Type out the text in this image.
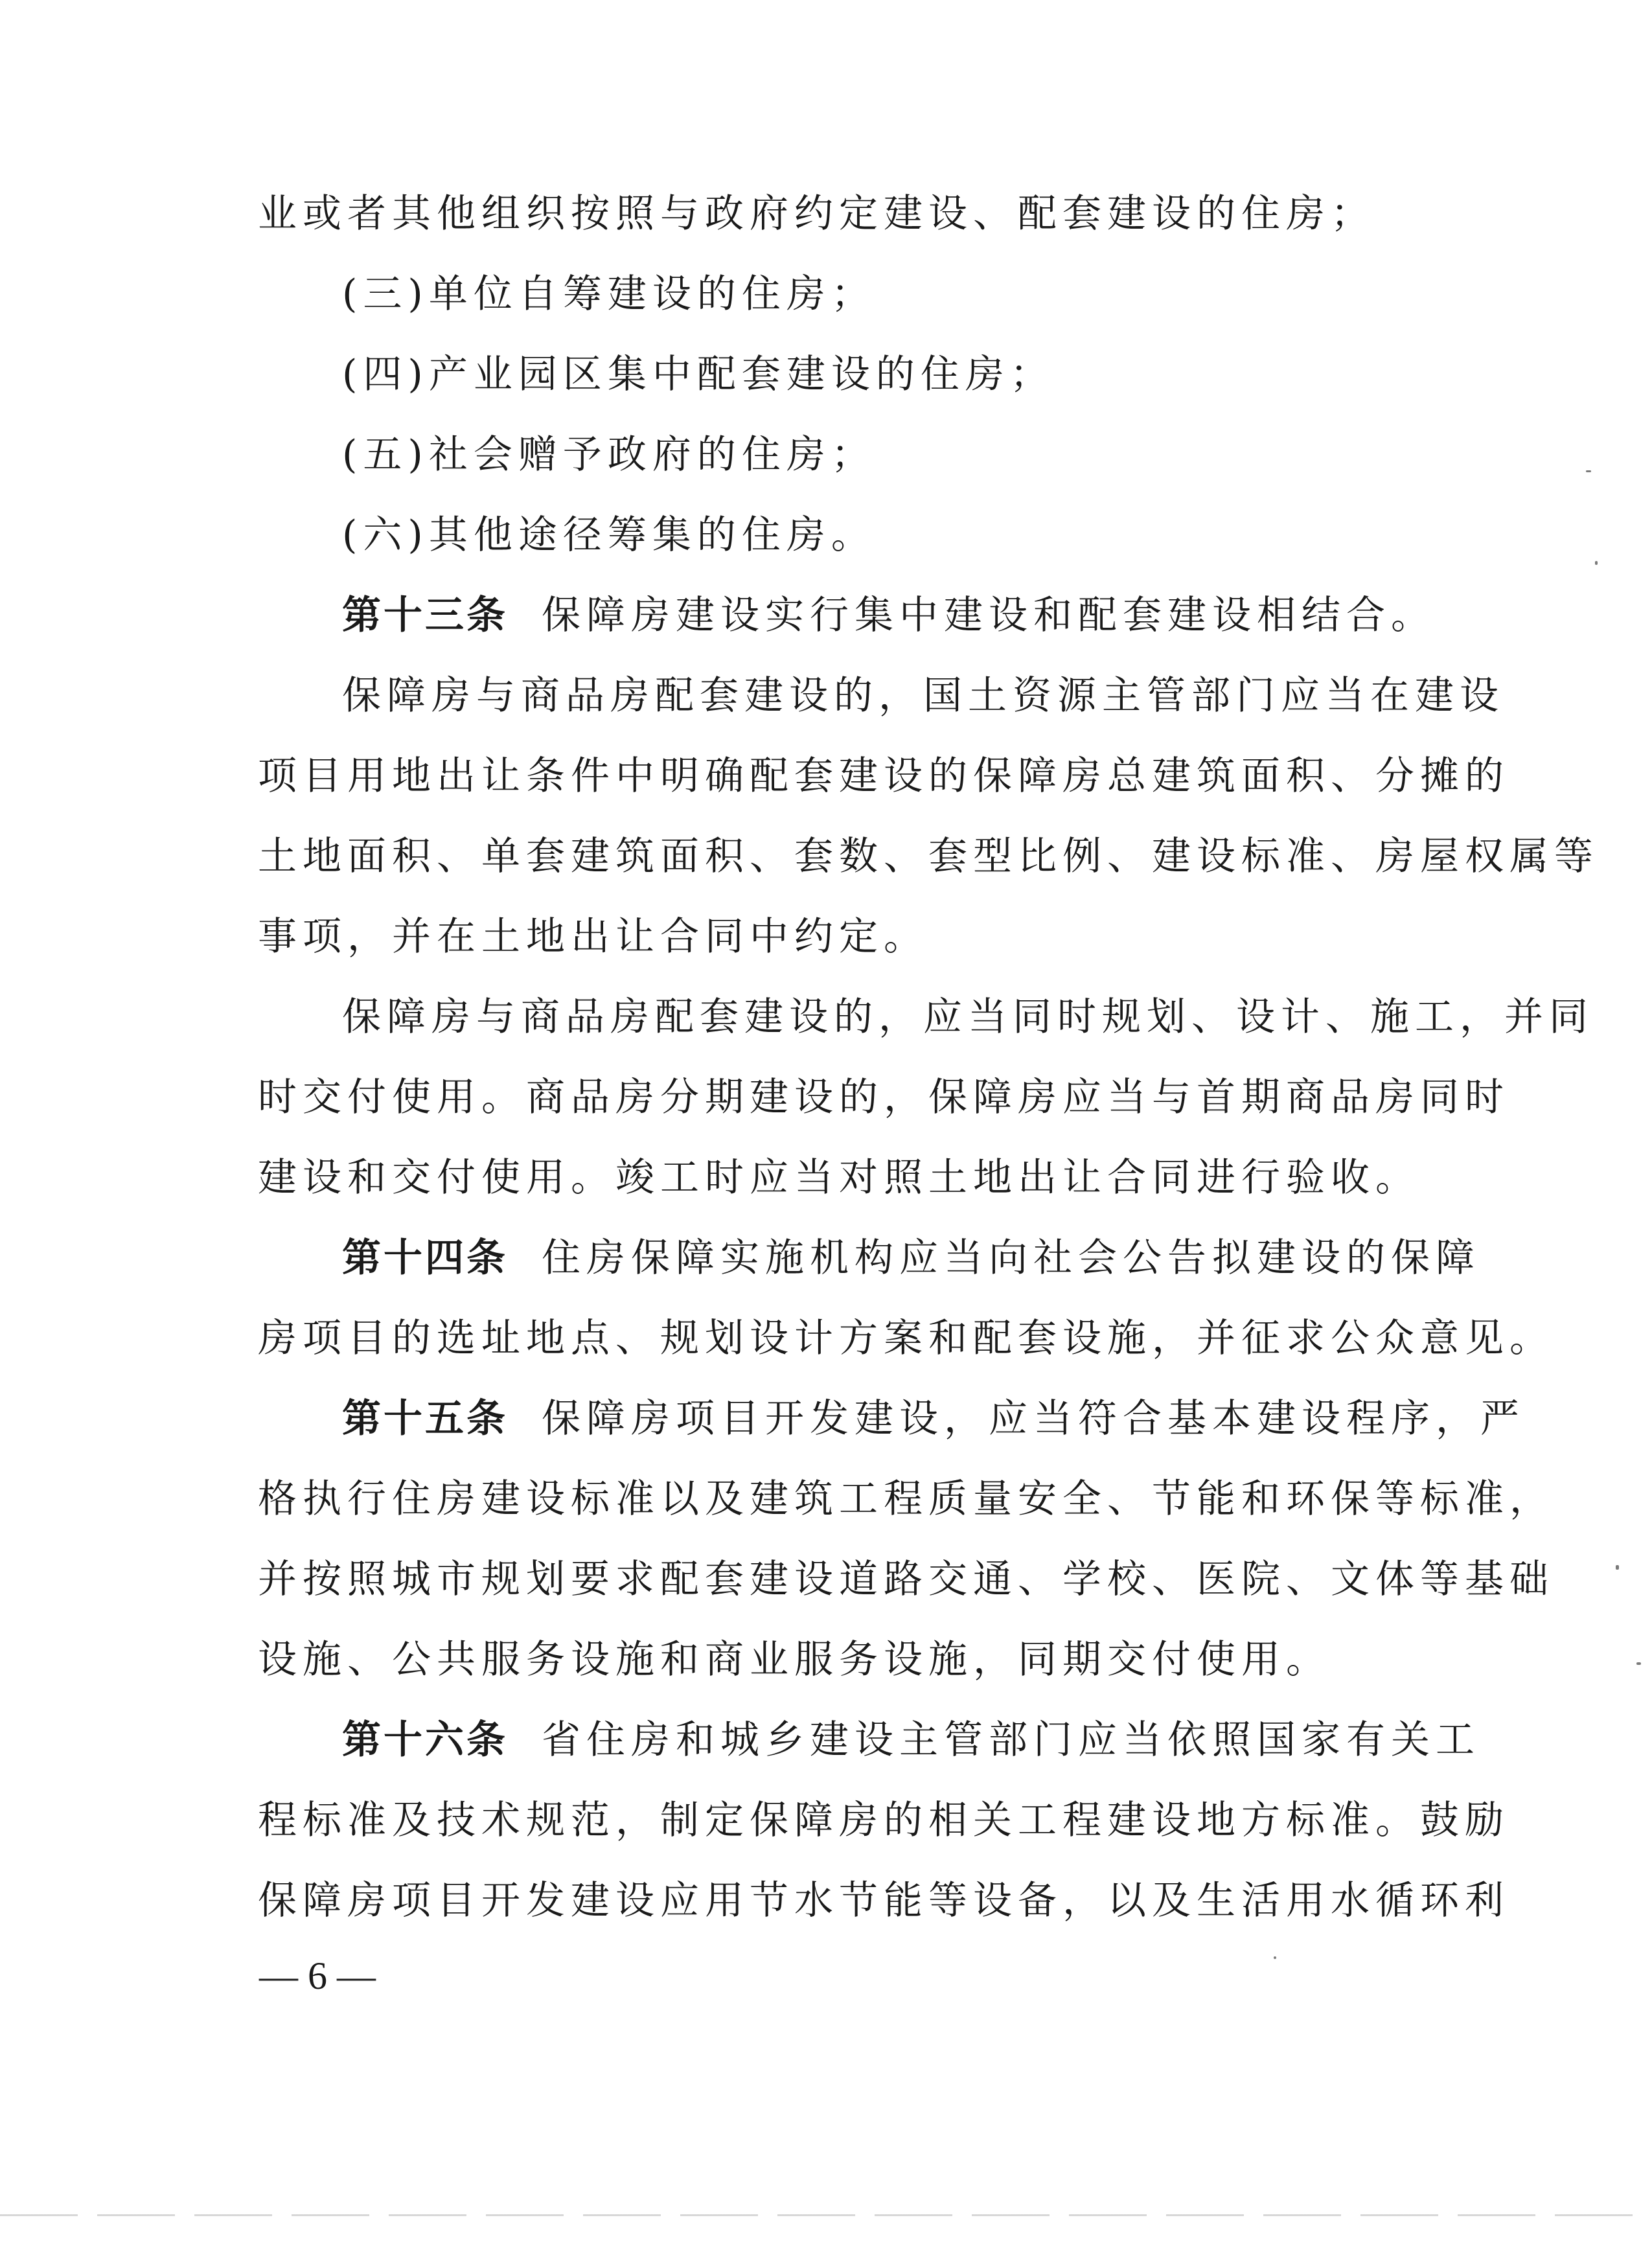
业或者其他组织按照与政府约定建设、配套建设的住房；
(三)单位自筹建设的住房；
(四)产业园区集中配套建设的住房；
(五)社会赠予政府的住房；
(六)其他途径筹集的住房。
第十三条 保障房建设实行集中建设和配套建设相结合。
保障房与商品房配套建设的，国土资源主管部门应当在建设
项目用地出让条件中明确配套建设的保障房总建筑面积、分摊的
土地面积、单套建筑面积、套数、套型比例、建设标准、房屋权属等
事项，并在土地出让合同中约定。
保障房与商品房配套建设的，应当同时规划、设计、施工，并同
时交付使用。商品房分期建设的，保障房应当与首期商品房同时
建设和交付使用。竣工时应当对照土地出让合同进行验收。
第十四条 住房保障实施机构应当向社会公告拟建设的保障
房项目的选址地点、规划设计方案和配套设施，并征求公众意见。
第十五条 保障房项目开发建设，应当符合基本建设程序，严
格执行住房建设标准以及建筑工程质量安全、节能和环保等标准，
并按照城市规划要求配套建设道路交通、学校、医院、文体等基础
设施、公共服务设施和商业服务设施，同期交付使用。
第十六条 省住房和城乡建设主管部门应当依照国家有关工
程标准及技术规范，制定保障房的相关工程建设地方标准。鼓励
保障房项目开发建设应用节水节能等设备，以及生活用水循环利
— 6 —
